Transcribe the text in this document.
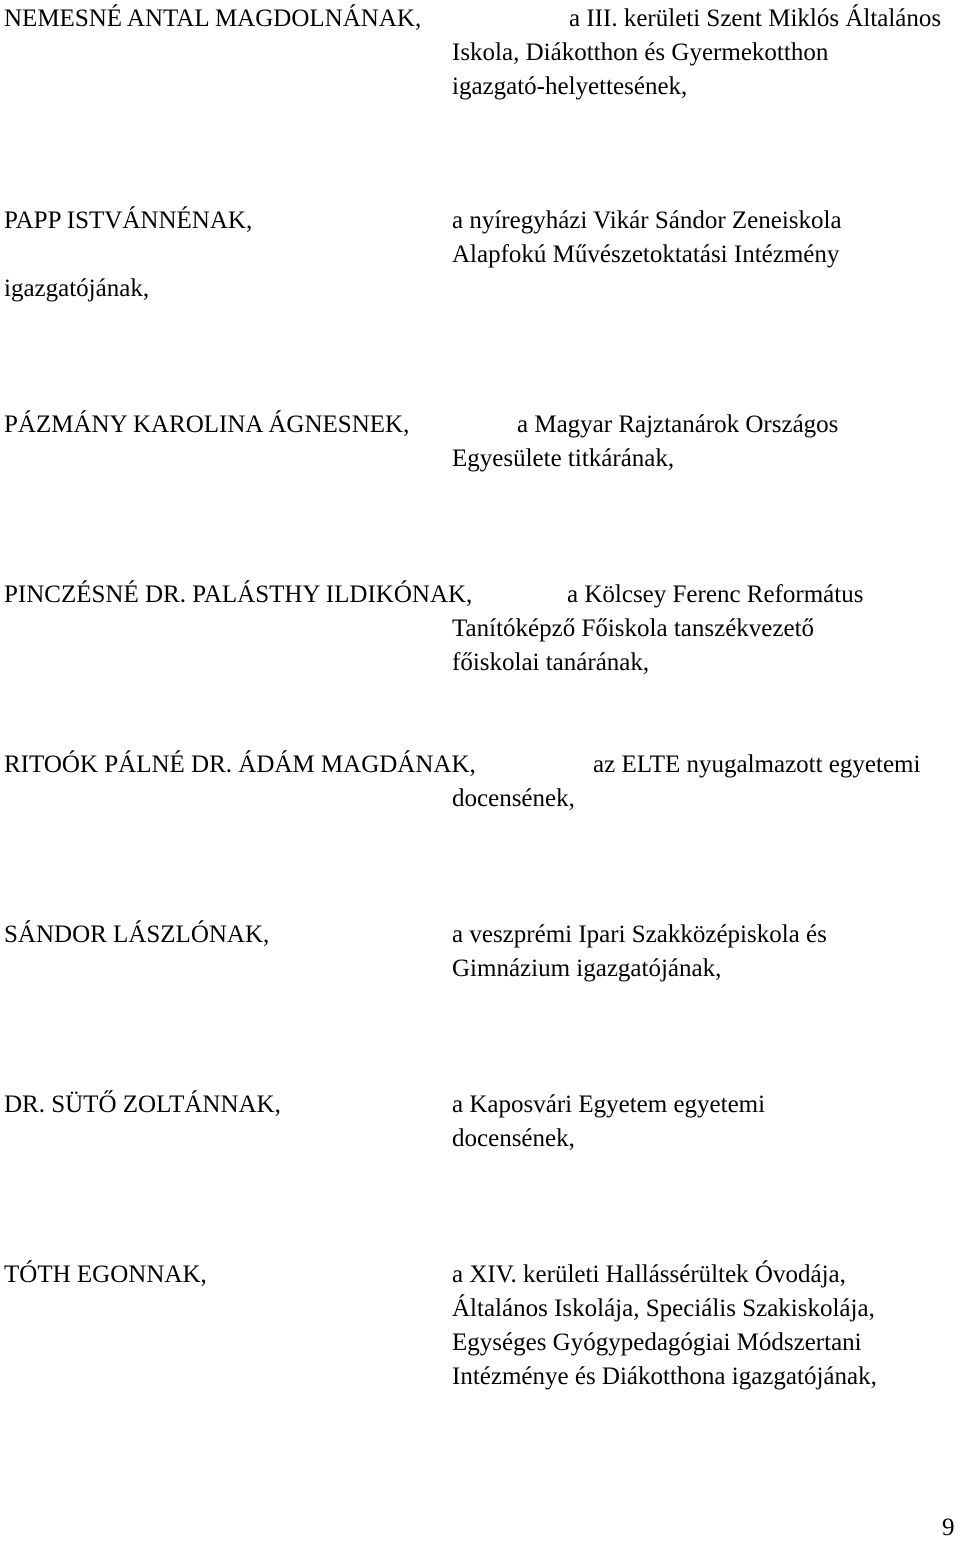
NEMESNÉ ANTAL MAGDOLNÁNAK,	a III. kerületi Szent Miklós Általános
Iskola, Diákotthon és Gyermekotthon
igazgató-helyettesének,
PAPP ISTVÁNNÉNAK,	a nyíregyházi Vikár Sándor Zeneiskola
Alapfokú Művészetoktatási Intézmény
igazgatójának,
PÁZMÁNY KAROLINA ÁGNESNEK,	a Magyar Rajztanárok Országos
Egyesülete titkárának,
PINCZÉSNÉ DR. PALÁSTHY ILDIKÓNAK,	a Kölcsey Ferenc Református
Tanítóképző Főiskola tanszékvezető
főiskolai tanárának,
RITOÓK PÁLNÉ DR. ÁDÁM MAGDÁNAK,	az ELTE nyugalmazott egyetemi
docensének,
SÁNDOR LÁSZLÓNAK,	a veszprémi Ipari Szakközépiskola és
Gimnázium igazgatójának,
DR. SÜTŐ ZOLTÁNNAK,	a Kaposvári Egyetem egyetemi
docensének,
TÓTH EGONNAK,	a XIV. kerületi Hallássérültek Óvodája,
Általános Iskolája, Speciális Szakiskolája,
Egységes Gyógypedagógiai Módszertani
Intézménye és Diákotthona igazgatójának,
9
